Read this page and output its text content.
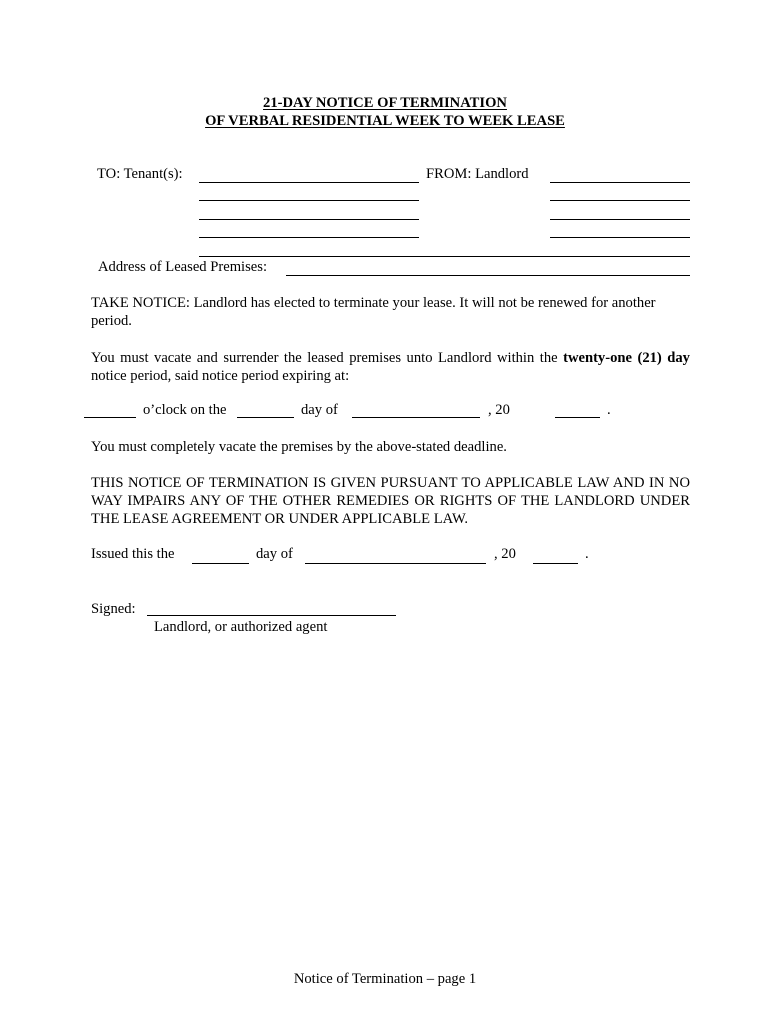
21-DAY NOTICE OF TERMINATION
OF VERBAL RESIDENTIAL WEEK TO WEEK LEASE
TO: Tenant(s):	FROM: Landlord
Address of Leased Premises:
TAKE NOTICE: Landlord has elected to terminate your lease. It will not be renewed for another period.
You must vacate and surrender the leased premises unto Landlord within the twenty-one (21) day notice period, said notice period expiring at:
o’clock on the	day of	, 20	.
You must completely vacate the premises by the above-stated deadline.
THIS NOTICE OF TERMINATION IS GIVEN PURSUANT TO APPLICABLE LAW AND IN NO WAY IMPAIRS ANY OF THE OTHER REMEDIES OR RIGHTS OF THE LANDLORD UNDER THE LEASE AGREEMENT OR UNDER APPLICABLE LAW.
Issued this the	day of	, 20	.
Signed:
Landlord, or authorized agent
Notice of Termination – page 1
